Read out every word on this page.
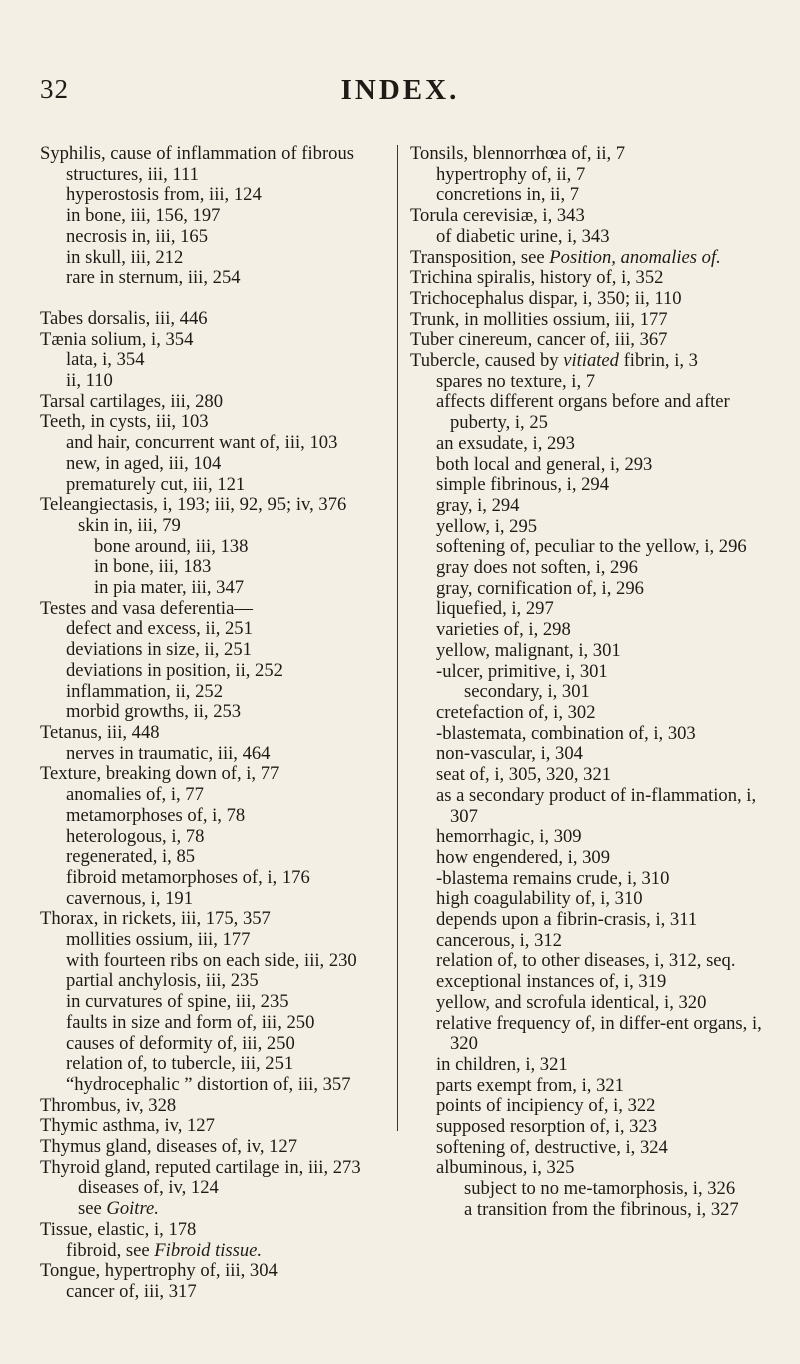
32	INDEX.
Syphilis, cause of inflammation of fibrous
structures, iii, 111
hyperostosis from, iii, 124
in bone, iii, 156, 197
necrosis in, iii, 165
in skull, iii, 212
rare in sternum, iii, 254
Tabes dorsalis, iii, 446
Tænia solium, i, 354
lata, i, 354
ii, 110
Tarsal cartilages, iii, 280
Teeth, in cysts, iii, 103
and hair, concurrent want of, iii, 103
new, in aged, iii, 104
prematurely cut, iii, 121
Teleangiectasis, i, 193; iii, 92, 95; iv, 376
skin in, iii, 79
bone around, iii, 138
in bone, iii, 183
in pia mater, iii, 347
Testes and vasa deferentia—
defect and excess, ii, 251
deviations in size, ii, 251
deviations in position, ii, 252
inflammation, ii, 252
morbid growths, ii, 253
Tetanus, iii, 448
nerves in traumatic, iii, 464
Texture, breaking down of, i, 77
anomalies of, i, 77
metamorphoses of, i, 78
heterologous, i, 78
regenerated, i, 85
fibroid metamorphoses of, i, 176
cavernous, i, 191
Thorax, in rickets, iii, 175, 357
mollities ossium, iii, 177
with fourteen ribs on each side, iii, 230
partial anchylosis, iii, 235
in curvatures of spine, iii, 235
faults in size and form of, iii, 250
causes of deformity of, iii, 250
relation of, to tubercle, iii, 251
“hydrocephalic ” distortion of, iii, 357
Thrombus, iv, 328
Thymic asthma, iv, 127
Thymus gland, diseases of, iv, 127
Thyroid gland, reputed cartilage in, iii, 273
diseases of, iv, 124
see Goitre.
Tissue, elastic, i, 178
fibroid, see Fibroid tissue.
Tongue, hypertrophy of, iii, 304
cancer of, iii, 317
Tonsils, blennorrhœa of, ii, 7
hypertrophy of, ii, 7
concretions in, ii, 7
Torula cerevisiæ, i, 343
of diabetic urine, i, 343
Transposition, see Position, anomalies of.
Trichina spiralis, history of, i, 352
Trichocephalus dispar, i, 350; ii, 110
Trunk, in mollities ossium, iii, 177
Tuber cinereum, cancer of, iii, 367
Tubercle, caused by vitiated fibrin, i, 3
spares no texture, i, 7
affects different organs before and after puberty, i, 25
an exsudate, i, 293
both local and general, i, 293
simple fibrinous, i, 294
gray, i, 294
yellow, i, 295
softening of, peculiar to the yellow, i, 296
gray does not soften, i, 296
gray, cornification of, i, 296
liquefied, i, 297
varieties of, i, 298
yellow, malignant, i, 301
-ulcer, primitive, i, 301
secondary, i, 301
cretefaction of, i, 302
-blastemata, combination of, i, 303
non-vascular, i, 304
seat of, i, 305, 320, 321
as a secondary product of in-flammation, i, 307
hemorrhagic, i, 309
how engendered, i, 309
-blastema remains crude, i, 310
high coagulability of, i, 310
depends upon a fibrin-crasis, i, 311
cancerous, i, 312
relation of, to other diseases, i, 312, seq.
exceptional instances of, i, 319
yellow, and scrofula identical, i, 320
relative frequency of, in differ-ent organs, i, 320
in children, i, 321
parts exempt from, i, 321
points of incipiency of, i, 322
supposed resorption of, i, 323
softening of, destructive, i, 324
albuminous, i, 325
subject to no me-tamorphosis, i, 326
a transition from the fibrinous, i, 327
